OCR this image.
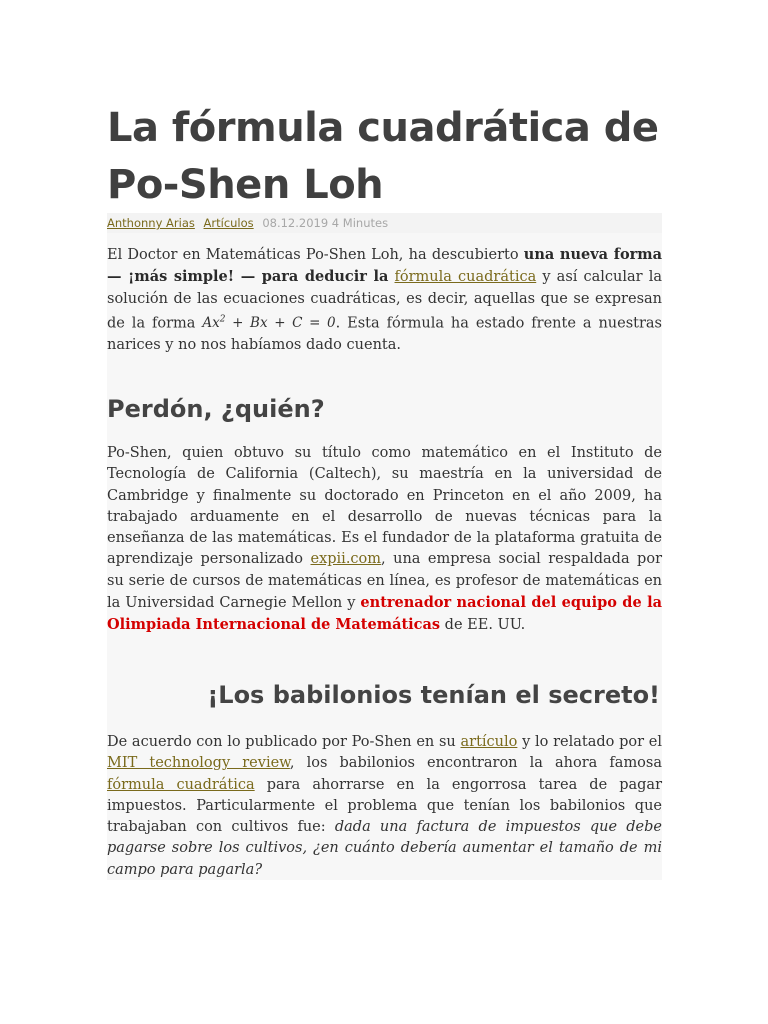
La fórmula cuadrática de Po-Shen Loh
Anthonny Arias Artículos 08.12.2019 4 Minutes

El Doctor en Matemáticas Po-Shen Loh, ha descubierto una nueva forma — ¡más simple! — para deducir la fórmula cuadrática y así calcular la solución de las ecuaciones cuadráticas, es decir, aquellas que se expresan de la forma $Ax^2 + Bx + C = 0$. Esta fórmula ha estado frente a nuestras narices y no nos habíamos dado cuenta.

Perdón, ¿quién?

Po-Shen, quien obtuvo su título como matemático en el Instituto de Tecnología de California (Caltech), su maestría en la universidad de Cambridge y finalmente su doctorado en Princeton en el año 2009, ha trabajado arduamente en el desarrollo de nuevas técnicas para la enseñanza de las matemáticas. Es el fundador de la plataforma gratuita de aprendizaje personalizado expii.com, una empresa social respaldada por su serie de cursos de matemáticas en línea, es profesor de matemáticas en la Universidad Carnegie Mellon y entrenador nacional del equipo de la Olimpiada Internacional de Matemáticas de EE. UU.

¡Los babilonios tenían el secreto!

De acuerdo con lo publicado por Po-Shen en su artículo y lo relatado por el MIT technology review, los babilonios encontraron la ahora famosa fórmula cuadrática para ahorrarse en la engorrosa tarea de pagar impuestos. Particularmente el problema que tenían los babilonios que trabajaban con cultivos fue: dada una factura de impuestos que debe pagarse sobre los cultivos, ¿en cuánto debería aumentar el tamaño de mi campo para pagarla?
